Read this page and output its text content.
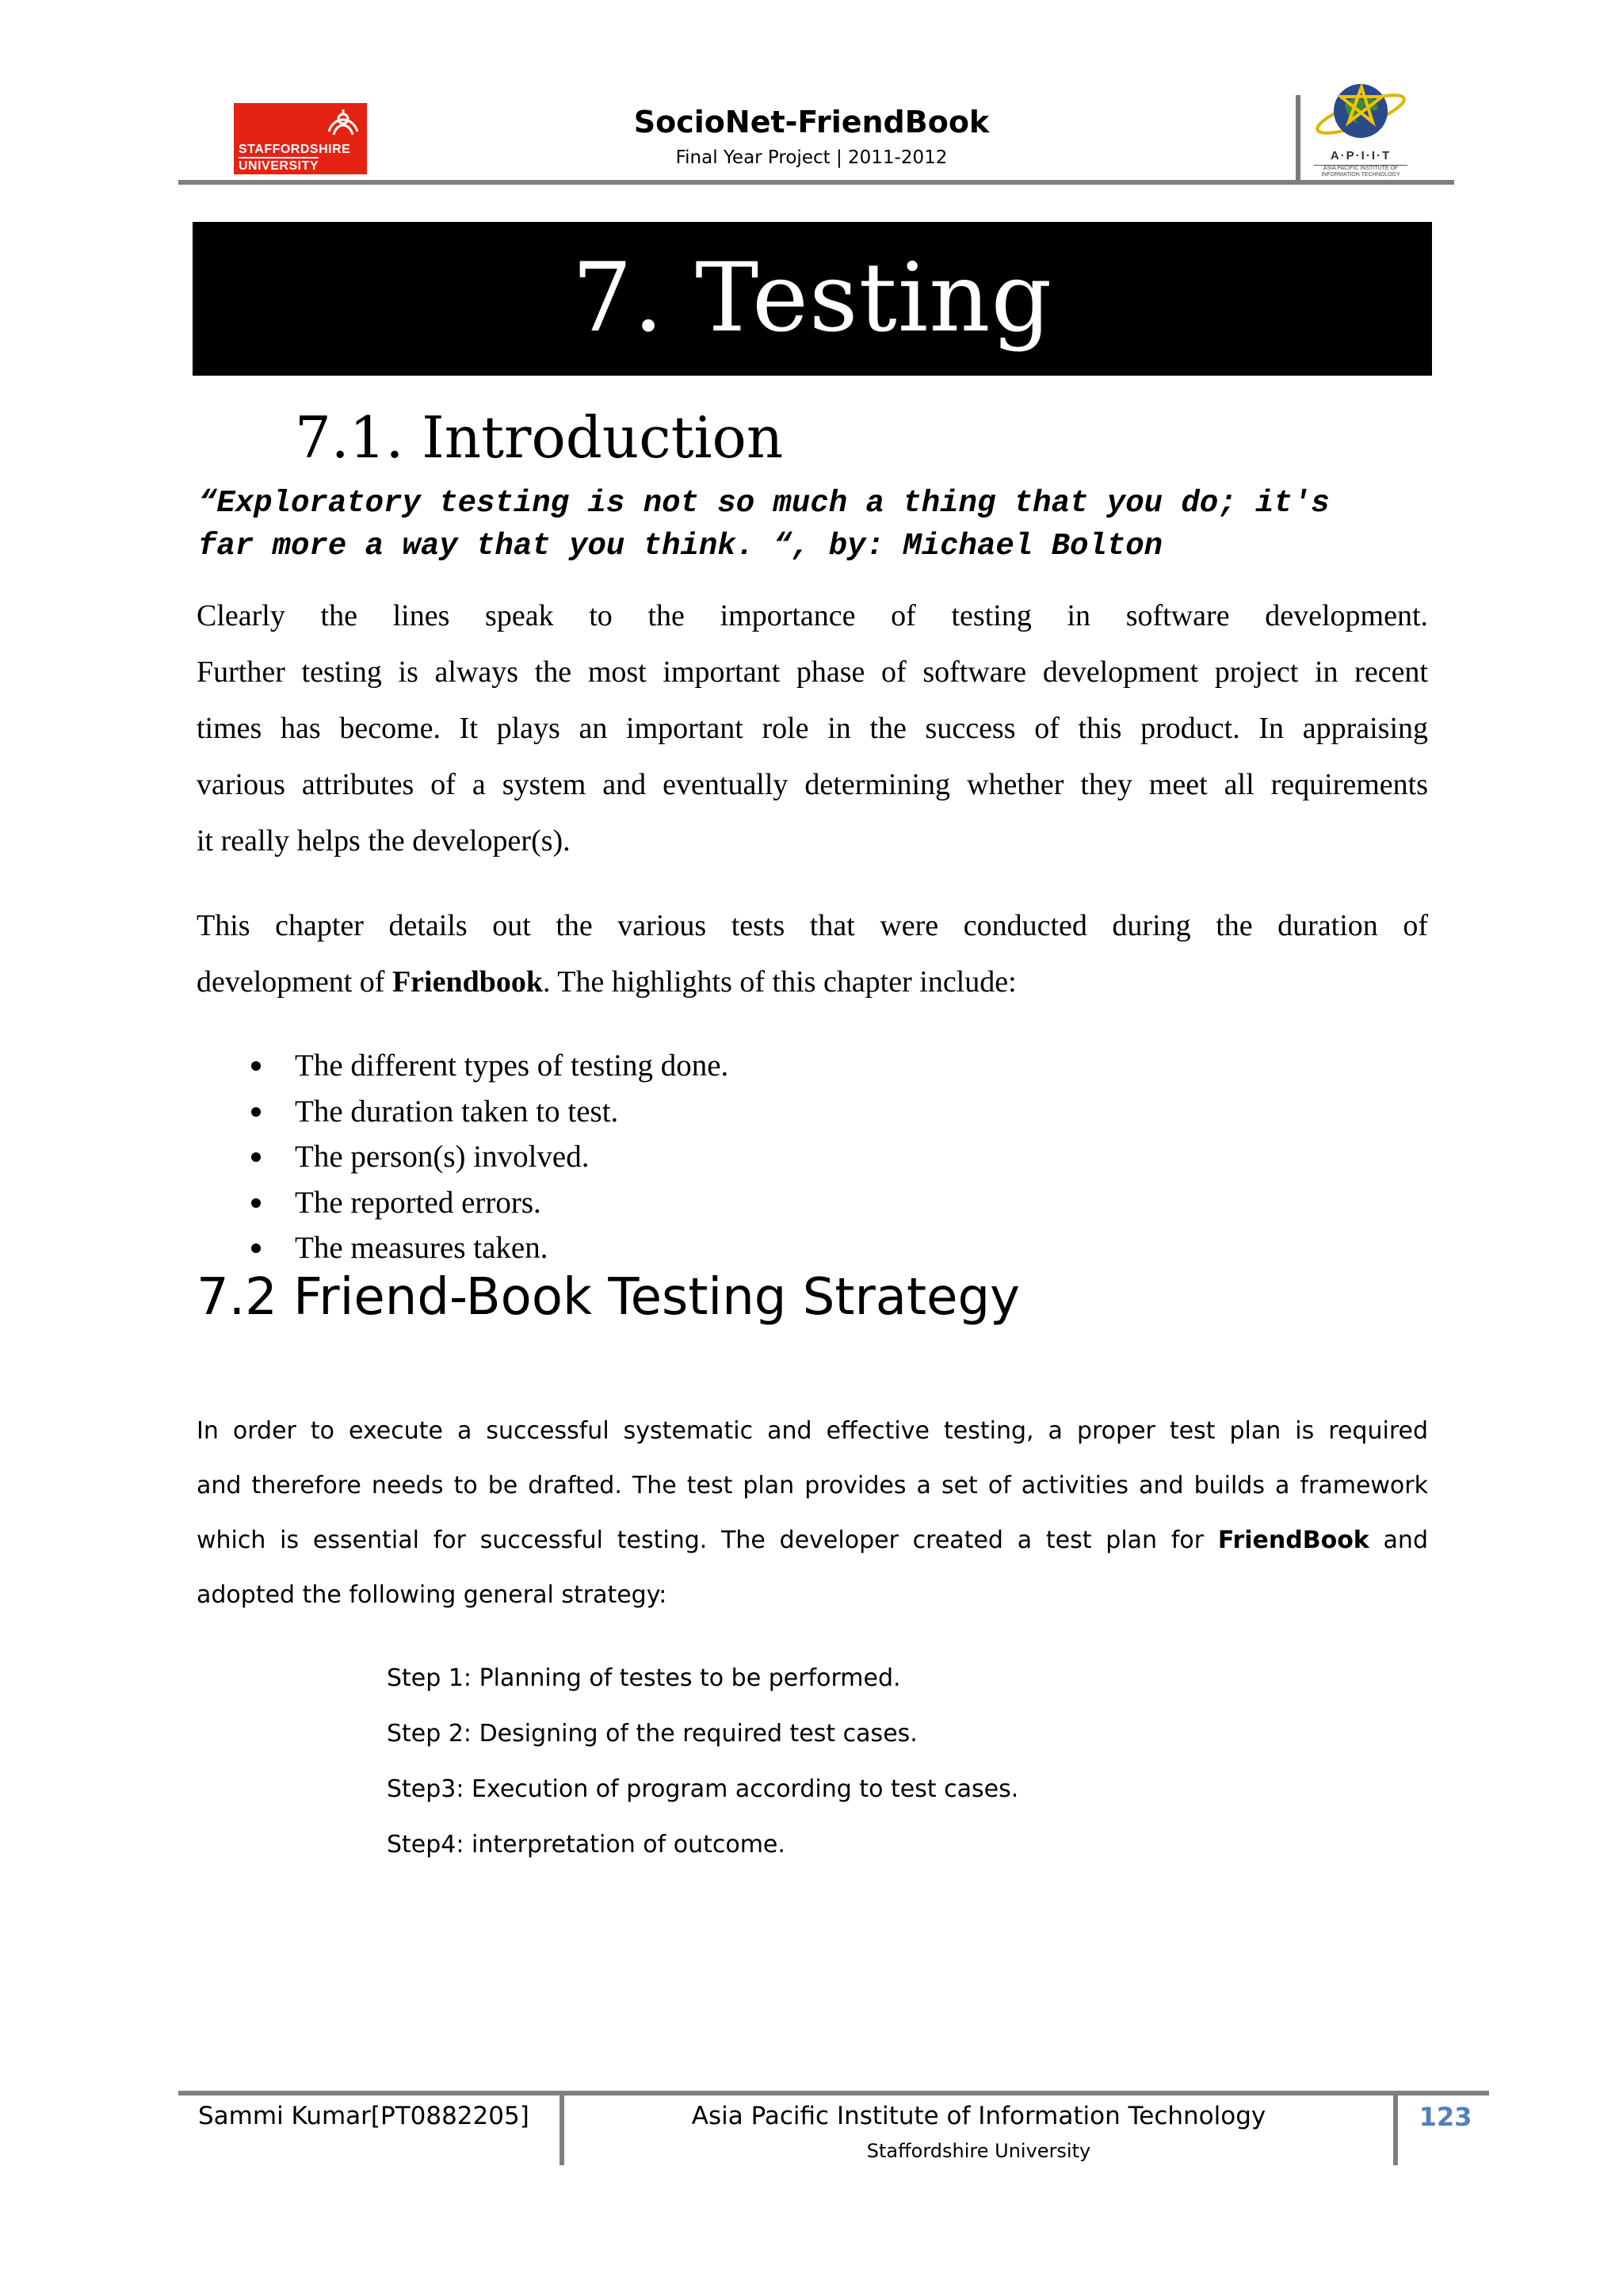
STAFFORDSHIRE
UNIVERSITY
SocioNet-FriendBook
Final Year Project | 2011-2012	A·P·I·I·T
ASIA PACIFIC INSTITUTE OF INFORMATION TECHNOLOGY
7. Testing
7.1. Introduction
“Exploratory testing is not so much a thing that you do; it's
far more a way that you think. “, by: Michael Bolton
Clearly the lines speak to the importance of testing in software development.
Further testing is always the most important phase of software development project in recent
times has become. It plays an important role in the success of this product. In appraising
various attributes of a system and eventually determining whether they meet all requirements
it really helps the developer(s).
This chapter details out the various tests that were conducted during the duration of
development of Friendbook. The highlights of this chapter include:
The different types of testing done.
The duration taken to test.
The person(s) involved.
The reported errors.
The measures taken.
7.2 Friend-Book Testing Strategy
In order to execute a successful systematic and effective testing, a proper test plan is required
and therefore needs to be drafted. The test plan provides a set of activities and builds a framework
which is essential for successful testing. The developer created a test plan for FriendBook and
adopted the following general strategy:
Step 1: Planning of testes to be performed.
Step 2: Designing of the required test cases.
Step3: Execution of program according to test cases.
Step4: interpretation of outcome.
Sammi Kumar[PT0882205]	Asia Pacific Institute of Information Technology
Staffordshire University
123
